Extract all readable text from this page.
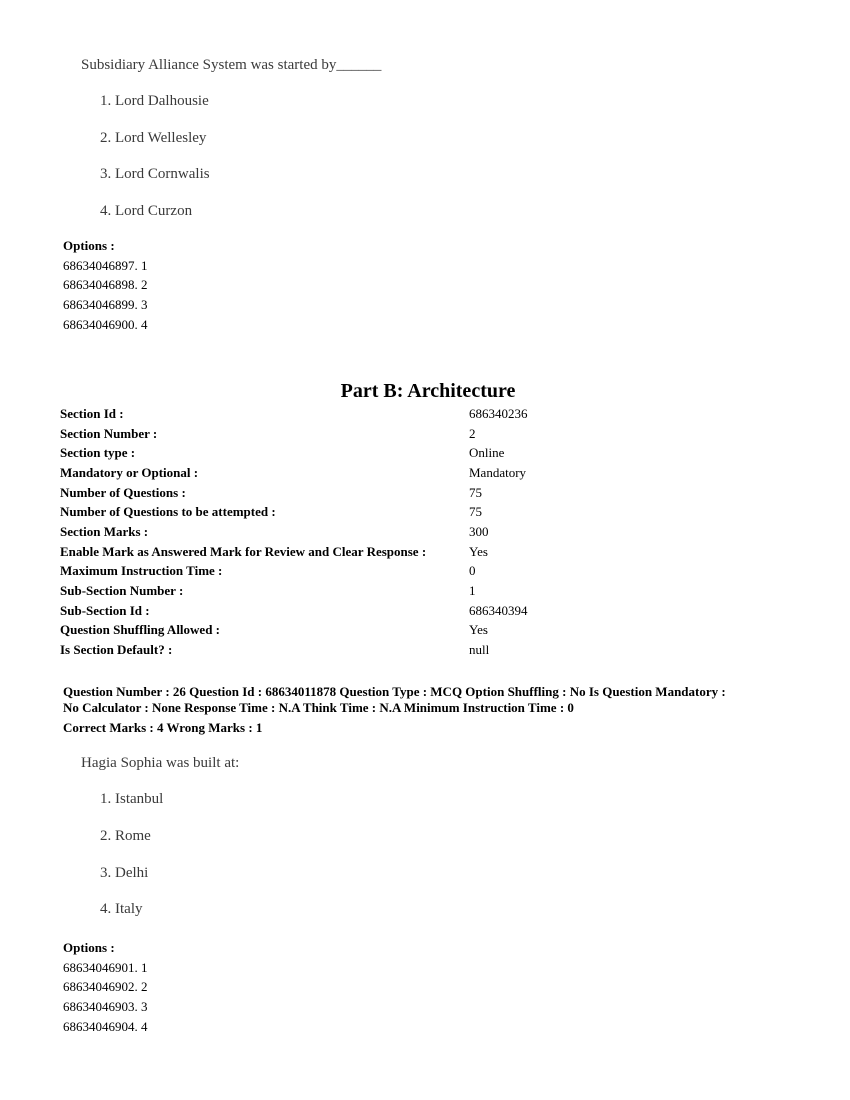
Subsidiary Alliance System was started by______
1. Lord Dalhousie
2. Lord Wellesley
3. Lord Cornwalis
4. Lord Curzon
Options :
68634046897. 1
68634046898. 2
68634046899. 3
68634046900. 4
Part B: Architecture
Section Id :	686340236
Section Number :	2
Section type :	Online
Mandatory or Optional :	Mandatory
Number of Questions :	75
Number of Questions to be attempted :	75
Section Marks :	300
Enable Mark as Answered Mark for Review and Clear Response :	Yes
Maximum Instruction Time :	0
Sub-Section Number :	1
Sub-Section Id :	686340394
Question Shuffling Allowed :	Yes
Is Section Default? :	null
Question Number : 26 Question Id : 68634011878 Question Type : MCQ Option Shuffling : No Is Question Mandatory :
No Calculator : None Response Time : N.A Think Time : N.A Minimum Instruction Time : 0
Correct Marks : 4 Wrong Marks : 1
Hagia Sophia was built at:
1. Istanbul
2. Rome
3. Delhi
4. Italy
Options :
68634046901. 1
68634046902. 2
68634046903. 3
68634046904. 4
